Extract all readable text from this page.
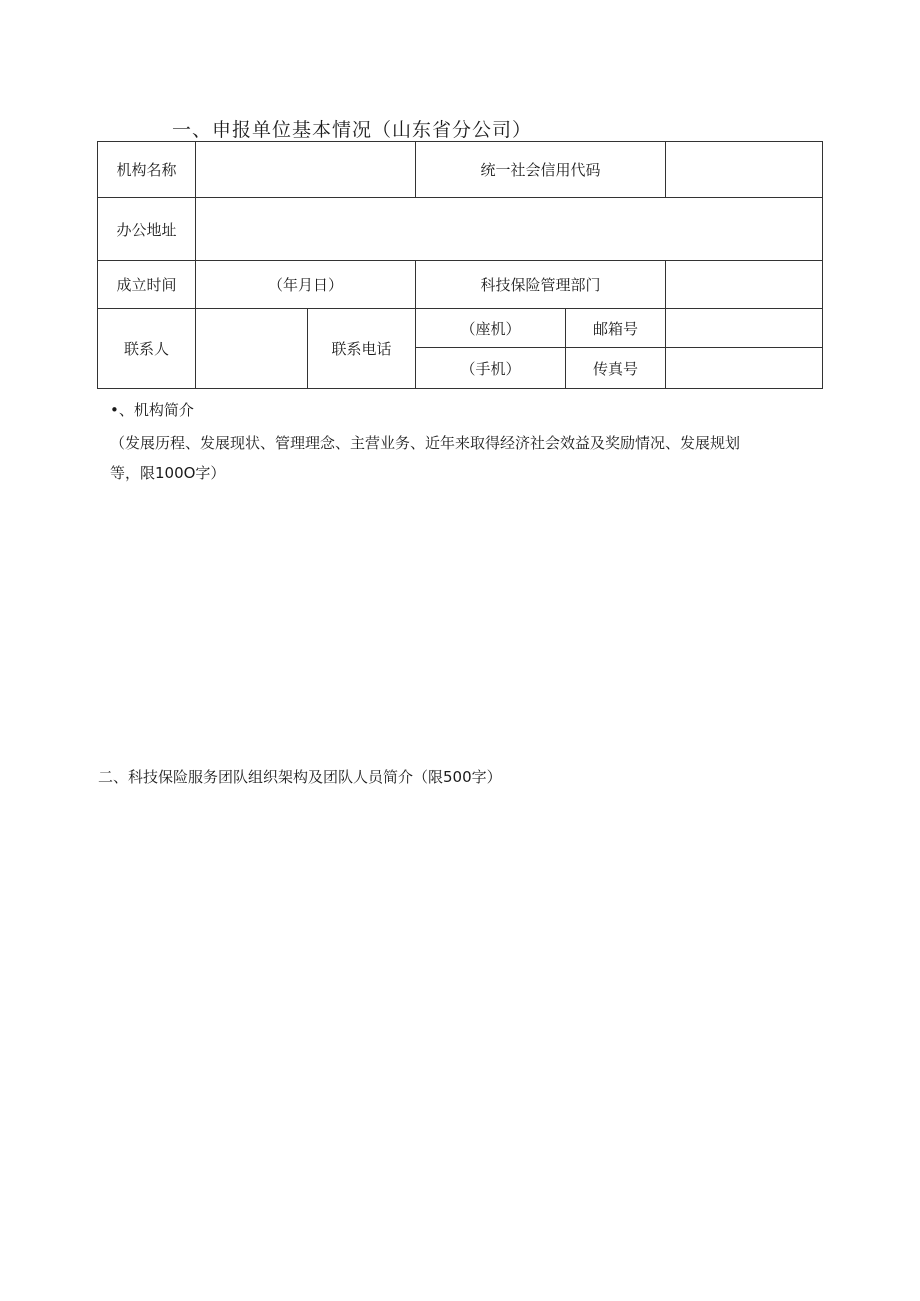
一、申报单位基本情况（山东省分公司）
机构名称			统一社会信用代码		
办公地址					
成立时间	（年月日）		科技保险管理部门		
联系人		联系电话	（座机）	邮箱号	
			（手机）	传真号	
•、机构简介
（发展历程、发展现状、管理理念、主营业务、近年来取得经济社会效益及奖励情况、发展规划
等，限100O字）
二、科技保险服务团队组织架构及团队人员简介（限500字）
